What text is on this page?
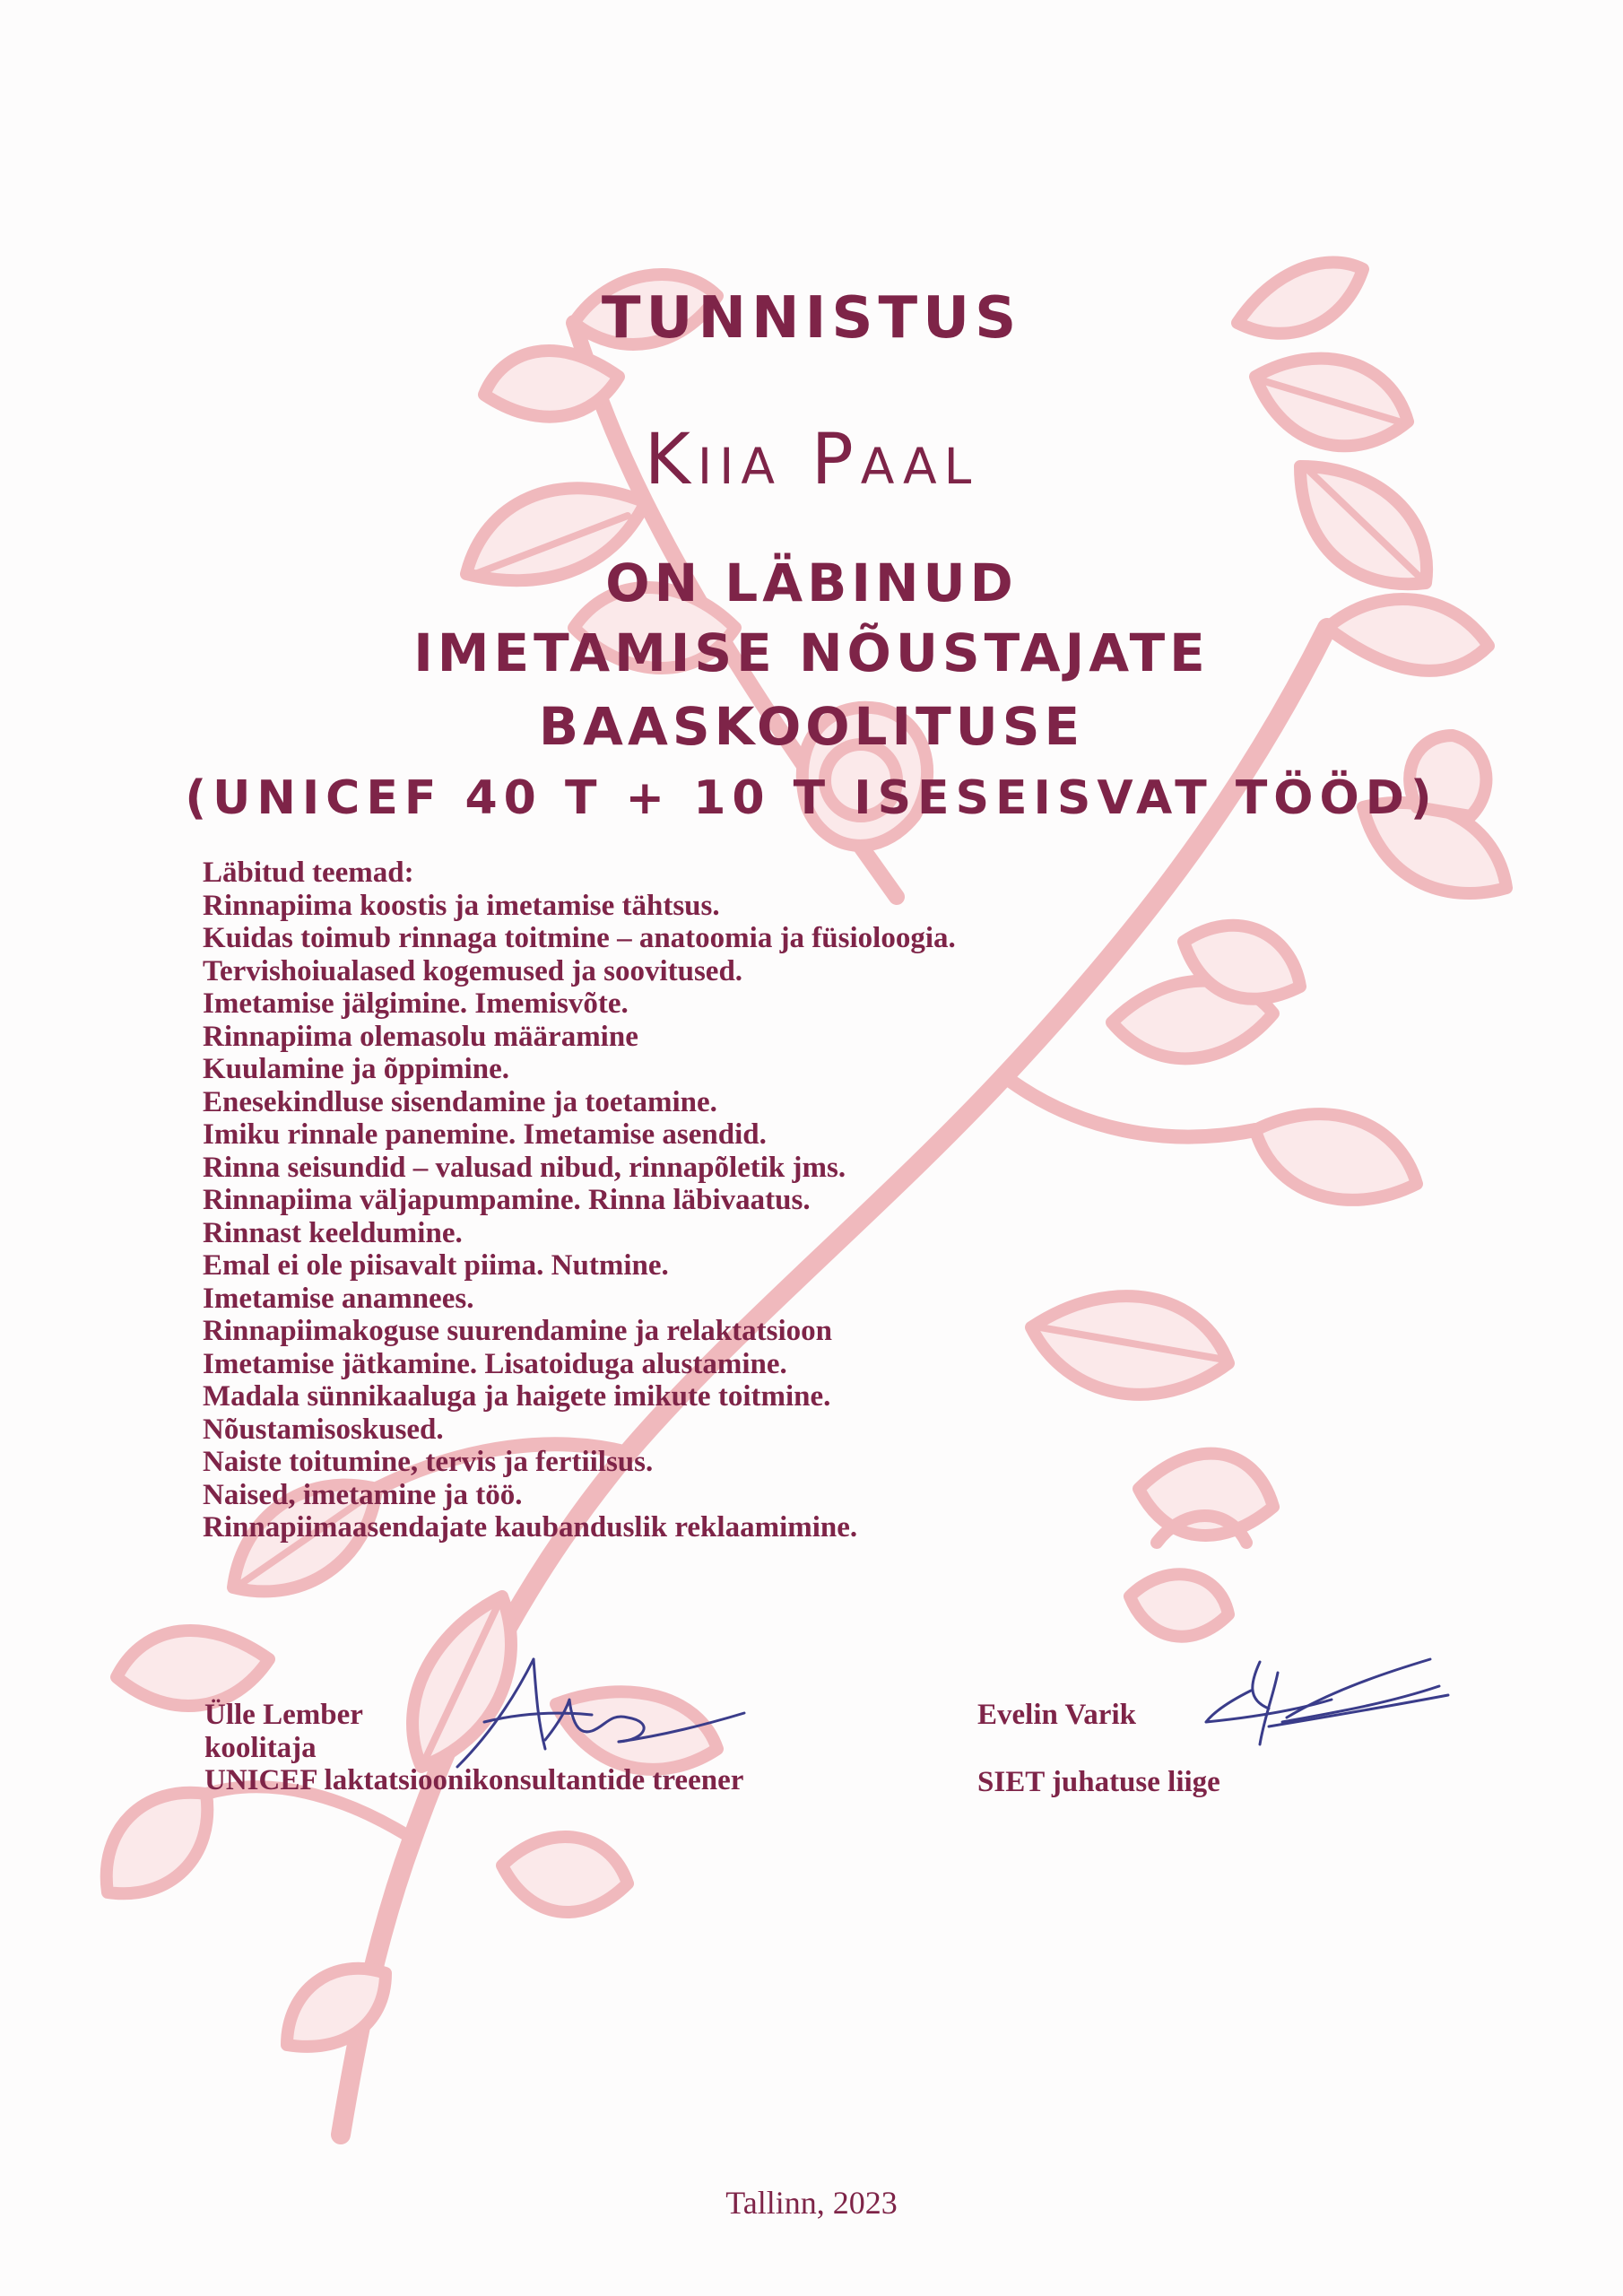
TUNNISTUS
Kiia Paal
ON LÄBINUD
IMETAMISE NÕUSTAJATE
BAASKOOLITUSE
(UNICEF 40 T + 10 T ISESEISVAT TÖÖD)
Läbitud teemad:
Rinnapiima koostis ja imetamise tähtsus.
Kuidas toimub rinnaga toitmine – anatoomia ja füsioloogia.
Tervishoiualased kogemused ja soovitused.
Imetamise jälgimine. Imemisvõte.
Rinnapiima olemasolu määramine
Kuulamine ja õppimine.
Enesekindluse sisendamine ja toetamine.
Imiku rinnale panemine. Imetamise asendid.
Rinna seisundid – valusad nibud, rinnapõletik jms.
Rinnapiima väljapumpamine. Rinna läbivaatus.
Rinnast keeldumine.
Emal ei ole piisavalt piima. Nutmine.
Imetamise anamnees.
Rinnapiimakoguse suurendamine ja relaktatsioon
Imetamise jätkamine. Lisatoiduga alustamine.
Madala sünnikaaluga ja haigete imikute toitmine.
Nõustamisoskused.
Naiste toitumine, tervis ja fertiilsus.
Naised, imetamine ja töö.
Rinnapiimaasendajate kaubanduslik reklaamimine.
Ülle Lember
koolitaja
UNICEF laktatsioonikonsultantide treener
Evelin Varik
SIET juhatuse liige
Tallinn, 2023
